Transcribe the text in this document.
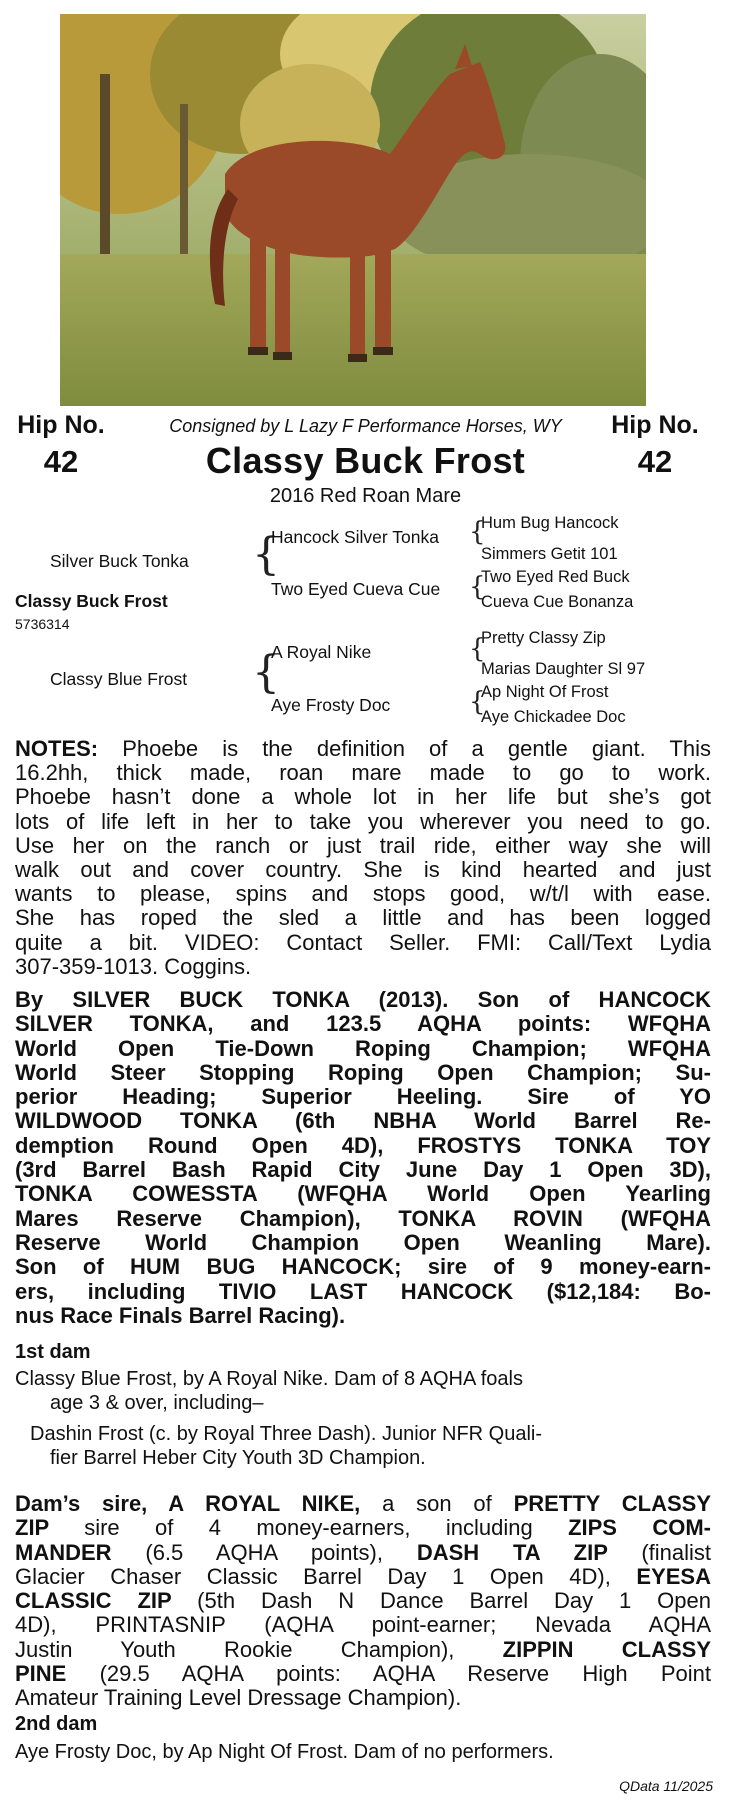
Hip No.
42
Hip No.
42
Consigned by L Lazy F Performance Horses, WY
Classy Buck Frost
2016 Red Roan Mare
Silver Buck Tonka
Classy Buck Frost
5736314
Classy Blue Frost
{
Hancock Silver Tonka
Two Eyed Cueva Cue
{
A Royal Nike
Aye Frosty Doc
{
Hum Bug Hancock
Simmers Getit 101
{
Two Eyed Red Buck
Cueva Cue Bonanza
{
Pretty Classy Zip
Marias Daughter Sl 97
{
Ap Night Of Frost
Aye Chickadee Doc
NOTES: Phoebe is the definition of a gentle giant. This
16.2hh, thick made, roan mare made to go to work.
Phoebe hasn’t done a whole lot in her life but she’s got
lots of life left in her to take you wherever you need to go.
Use her on the ranch or just trail ride, either way she will
walk out and cover country. She is kind hearted and just
wants to please, spins and stops good, w/t/l with ease.
She has roped the sled a little and has been logged
quite a bit. VIDEO: Contact Seller. FMI: Call/Text Lydia
307-359-1013. Coggins.
By SILVER BUCK TONKA (2013). Son of HANCOCK
SILVER TONKA, and 123.5 AQHA points: WFQHA
World Open Tie-Down Roping Champion; WFQHA
World Steer Stopping Roping Open Champion; Su-
perior Heading; Superior Heeling. Sire of YO
WILDWOOD TONKA (6th NBHA World Barrel Re-
demption Round Open 4D), FROSTYS TONKA TOY
(3rd Barrel Bash Rapid City June Day 1 Open 3D),
TONKA COWESSTA (WFQHA World Open Yearling
Mares Reserve Champion), TONKA ROVIN (WFQHA
Reserve World Champion Open Weanling Mare).
Son of HUM BUG HANCOCK; sire of 9 money-earn-
ers, including TIVIO LAST HANCOCK ($12,184: Bo-
nus Race Finals Barrel Racing).
1st dam
Classy Blue Frost, by A Royal Nike. Dam of 8 AQHA foals
age 3 & over, including–
Dashin Frost (c. by Royal Three Dash). Junior NFR Quali-
fier Barrel Heber City Youth 3D Champion.
Dam’s sire, A ROYAL NIKE, a son of PRETTY CLASSY
ZIP sire of 4 money-earners, including ZIPS COM-
MANDER (6.5 AQHA points), DASH TA ZIP (finalist
Glacier Chaser Classic Barrel Day 1 Open 4D), EYESA
CLASSIC ZIP (5th Dash N Dance Barrel Day 1 Open
4D), PRINTASNIP (AQHA point-earner; Nevada AQHA
Justin Youth Rookie Champion), ZIPPIN CLASSY
PINE (29.5 AQHA points: AQHA Reserve High Point
Amateur Training Level Dressage Champion).
2nd dam
Aye Frosty Doc, by Ap Night Of Frost. Dam of no performers.
QData 11/2025
